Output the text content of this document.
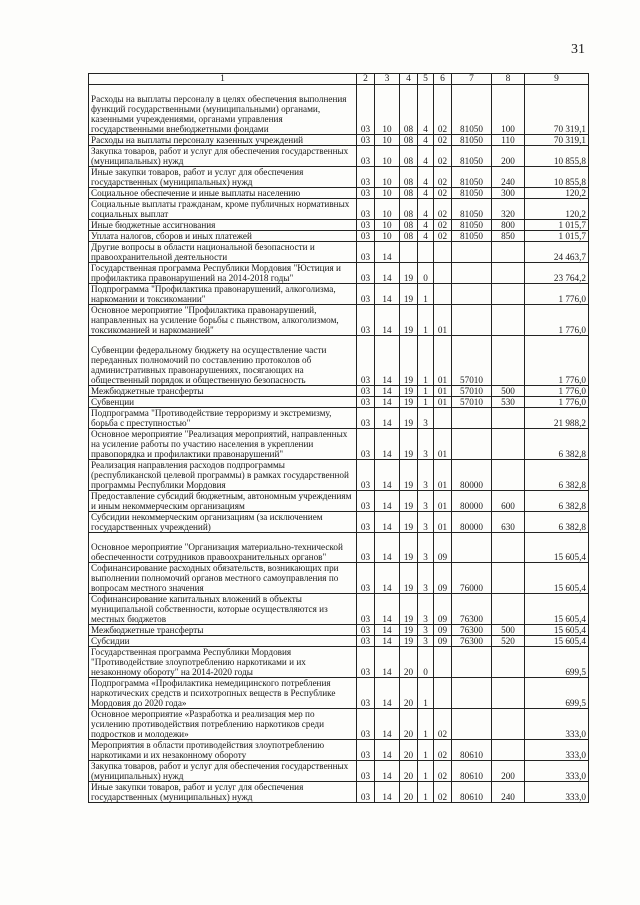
31
1	2	3	4	5	6	7	8	9
Расходы на выплаты персоналу в целях обеспечения выполнения функций государственными (муниципальными) органами, казенными учреждениями, органами управления государственными внебюджетными фондами	03	10	08	4	02	81050	100	70 319,1
Расходы на выплаты персоналу казенных учреждений	03	10	08	4	02	81050	110	70 319,1
Закупка товаров, работ и услуг для обеспечения государственных (муниципальных) нужд	03	10	08	4	02	81050	200	10 855,8
Иные закупки товаров, работ и услуг для обеспечения государственных (муниципальных) нужд	03	10	08	4	02	81050	240	10 855,8
Социальное обеспечение и иные выплаты населению	03	10	08	4	02	81050	300	120,2
Социальные выплаты гражданам, кроме публичных нормативных социальных выплат	03	10	08	4	02	81050	320	120,2
Иные бюджетные ассигнования	03	10	08	4	02	81050	800	1 015,7
Уплата налогов, сборов и иных платежей	03	10	08	4	02	81050	850	1 015,7
Другие вопросы в области национальной безопасности и правоохранительной деятельности	03	14						24 463,7
Государственная программа Республики Мордовия "Юстиция и профилактика правонарушений на 2014-2018 годы"	03	14	19	0				23 764,2
Подпрограмма "Профилактика правонарушений, алкоголизма, наркомании и токсикомании"	03	14	19	1				1 776,0
Основное мероприятие "Профилактика правонарушений, направленных на усиление борьбы с пьянством, алкоголизмом, токсикоманией и наркоманией"	03	14	19	1	01			1 776,0
Субвенции федеральному бюджету на осуществление части переданных полномочий по составлению протоколов об административных правонарушениях, посягающих на общественный порядок и общественную безопасность	03	14	19	1	01	57010		1 776,0
Межбюджетные трансферты	03	14	19	1	01	57010	500	1 776,0
Субвенции	03	14	19	1	01	57010	530	1 776,0
Подпрограмма "Противодействие терроризму и экстремизму, борьба с преступностью"	03	14	19	3				21 988,2
Основное мероприятие "Реализация мероприятий, направленных на усиление работы по участию населения в укреплении правопорядка и профилактики правонарушений"	03	14	19	3	01			6 382,8
Реализация направления расходов подпрограммы (республиканской целевой программы) в рамках государственной программы Республики Мордовия	03	14	19	3	01	80000		6 382,8
Предоставление субсидий бюджетным, автономным учреждениям и иным некоммерческим организациям	03	14	19	3	01	80000	600	6 382,8
Субсидии некоммерческим организациям (за исключением государственных учреждений)	03	14	19	3	01	80000	630	6 382,8
Основное мероприятие "Организация материально-технической обеспеченности сотрудников правоохранительных органов"	03	14	19	3	09			15 605,4
Софинансирование расходных обязательств, возникающих при выполнении полномочий органов местного самоуправления по вопросам местного значения	03	14	19	3	09	76000		15 605,4
Софинансирование капитальных вложений в объекты муниципальной собственности, которые осуществляются из местных бюджетов	03	14	19	3	09	76300		15 605,4
Межбюджетные трансферты	03	14	19	3	09	76300	500	15 605,4
Субсидии	03	14	19	3	09	76300	520	15 605,4
Государственная программа Республики Мордовия "Противодействие злоупотреблению наркотиками и их незаконному обороту" на 2014-2020 годы	03	14	20	0				699,5
Подпрограмма «Профилактика немедицинского потребления наркотических средств и психотропных веществ в Республике Мордовия до 2020 года»	03	14	20	1				699,5
Основное мероприятие «Разработка и реализация мер по усилению противодействия потреблению наркотиков среди подростков и молодежи»	03	14	20	1	02			333,0
Мероприятия в области противодействия злоупотреблению наркотиками и их незаконному обороту	03	14	20	1	02	80610		333,0
Закупка товаров, работ и услуг для обеспечения государственных (муниципальных) нужд	03	14	20	1	02	80610	200	333,0
Иные закупки товаров, работ и услуг для обеспечения государственных (муниципальных) нужд	03	14	20	1	02	80610	240	333,0
